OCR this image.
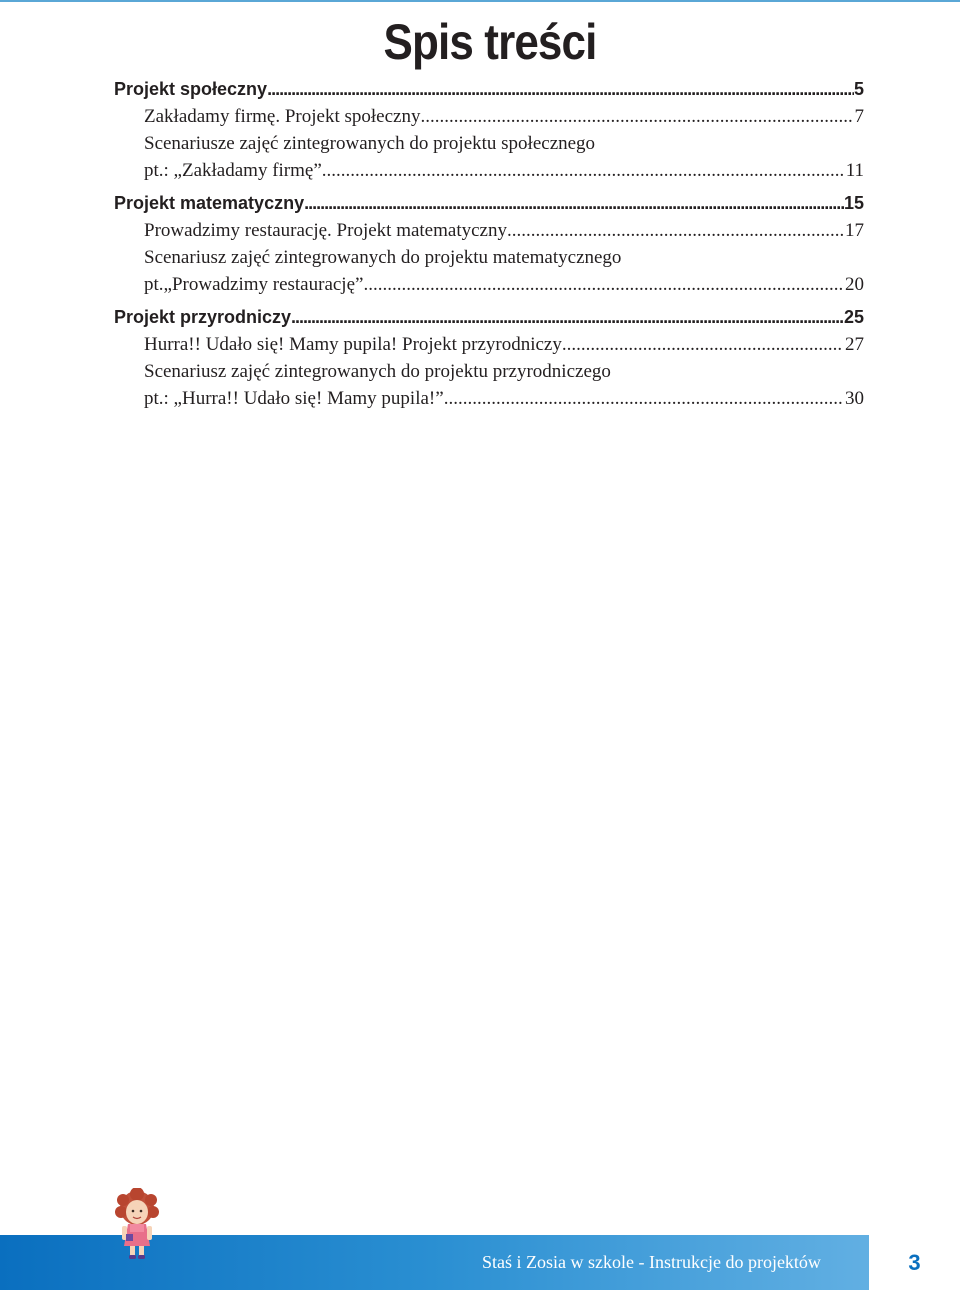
Spis treści
Projekt społeczny .....	5
Zakładamy firmę. Projekt społeczny .....	7
Scenariusze zajęć zintegrowanych do projektu społecznego
pt.: „Zakładamy firmę” .....	11
Projekt matematyczny .....	15
Prowadzimy restaurację. Projekt matematyczny .....	17
Scenariusz zajęć zintegrowanych do projektu matematycznego
pt.„Prowadzimy restaurację” .....	20
Projekt przyrodniczy .....	25
Hurra!! Udało się! Mamy pupila! Projekt przyrodniczy .....	27
Scenariusz zajęć zintegrowanych do projektu przyrodniczego
pt.: „Hurra!! Udało się! Mamy pupila!” .....	30
Staś i Zosia w szkole - Instrukcje do projektów	3
